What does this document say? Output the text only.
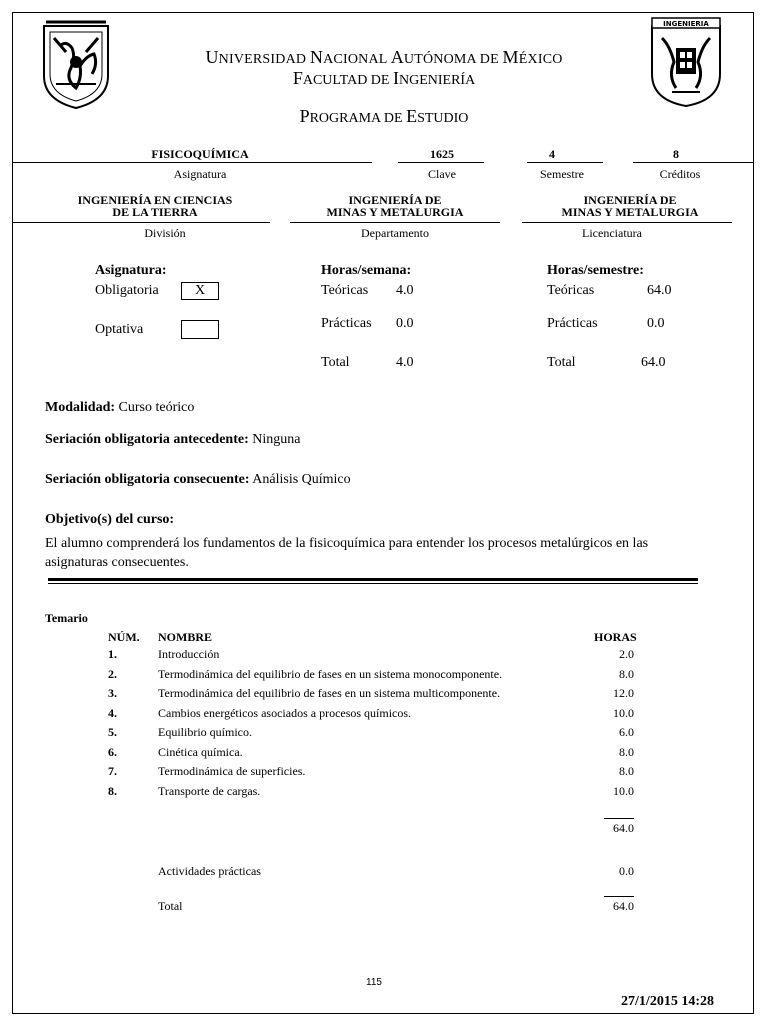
INGENIERIA
UNIVERSIDAD NACIONAL AUTÓNOMA DE MÉXICO
FACULTAD DE INGENIERÍA
PROGRAMA DE ESTUDIO
FISICOQUÍMICA
Asignatura
1625
Clave
4
Semestre
8
Créditos
INGENIERÍA EN CIENCIAS
DE LA TIERRA
División
INGENIERÍA DE
MINAS Y METALURGIA
Departamento
INGENIERÍA DE
MINAS Y METALURGIA
Licenciatura
Asignatura:
Obligatoria	X
Optativa
Horas/semana:
Teóricas 4.0
Prácticas 0.0
Total	4.0
Horas/semestre:
Teóricas	64.0
Prácticas	0.0
Total	64.0
Modalidad: Curso teórico
Seriación obligatoria antecedente: Ninguna
Seriación obligatoria consecuente: Análisis Químico
Objetivo(s) del curso:
El alumno comprenderá los fundamentos de la fisicoquímica para entender los procesos metalúrgicos en las
asignaturas consecuentes.
Temario
NÚM. NOMBRE	HORAS
1.	Introducción	2.0
2.	Termodinámica del equilibrio de fases en un sistema monocomponente.	8.0
3.	Termodinámica del equilibrio de fases en un sistema multicomponente.	12.0
4.	Cambios energéticos asociados a procesos químicos.	10.0
5.	Equilibrio químico.	6.0
6.	Cinética química.	8.0
7.	Termodinámica de superficies.	8.0
8.	Transporte de cargas.	10.0
64.0
Actividades prácticas	0.0
Total	64.0
115
27/1/2015 14:28
